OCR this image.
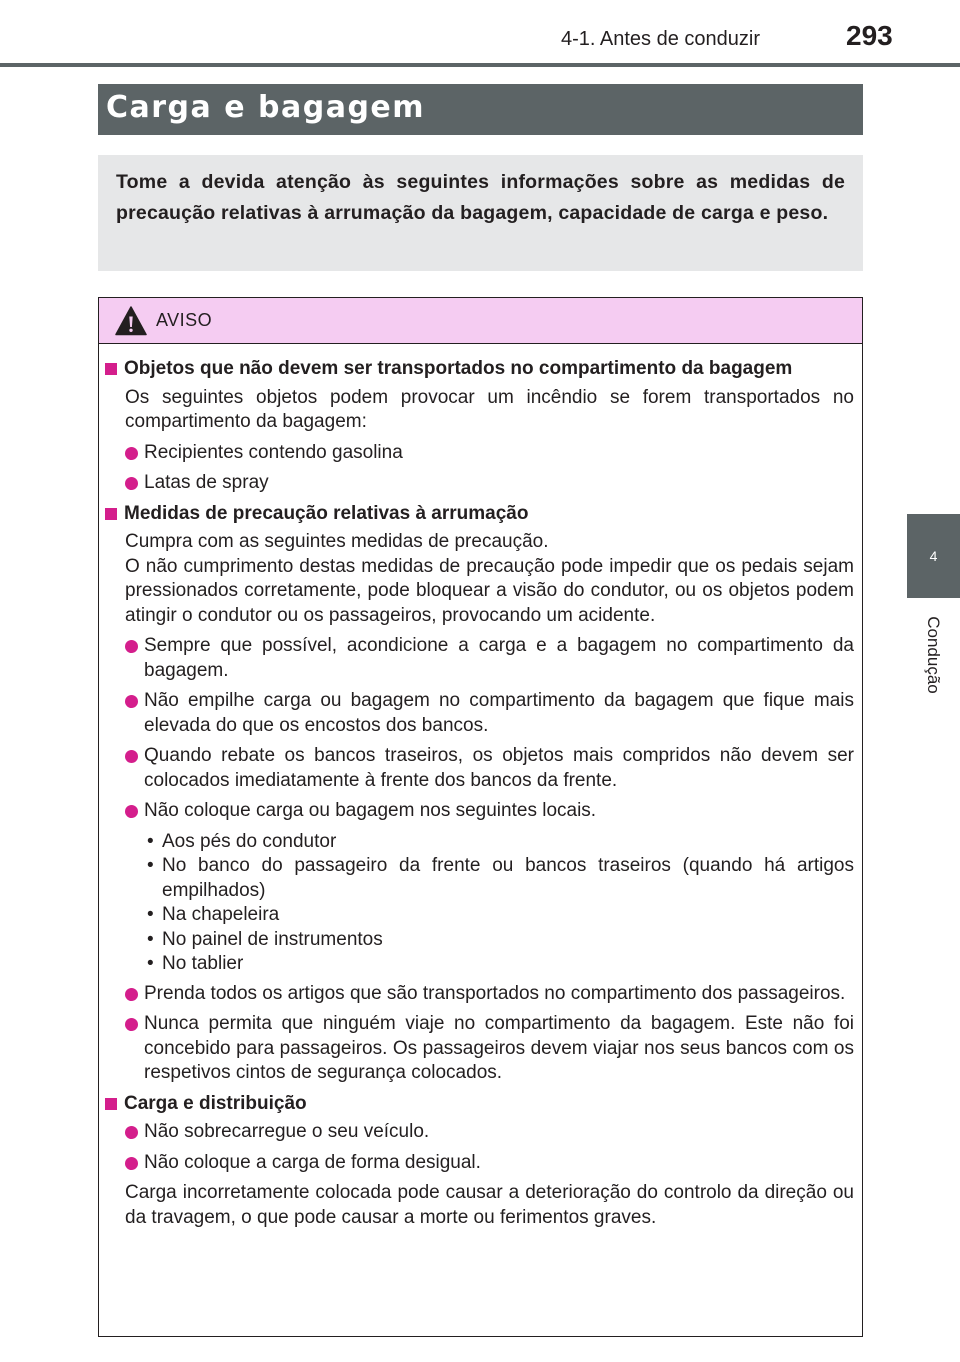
4-1. Antes de conduzir	293
4
Condução
Carga e bagagem

Tome a devida atenção às seguintes informações sobre as medidas de precaução relativas à arrumação da bagagem, capacidade de carga e peso.

AVISO
Objetos que não devem ser transportados no compartimento da bagagem
Os seguintes objetos podem provocar um incêndio se forem transportados no compartimento da bagagem:
Recipientes contendo gasolina
Latas de spray
Medidas de precaução relativas à arrumação
Cumpra com as seguintes medidas de precaução.
O não cumprimento destas medidas de precaução pode impedir que os pedais sejam pressionados corretamente, pode bloquear a visão do condutor, ou os objetos podem atingir o condutor ou os passageiros, provocando um acidente.
Sempre que possível, acondicione a carga e a bagagem no compartimento da bagagem.
Não empilhe carga ou bagagem no compartimento da bagagem que fique mais elevada do que os encostos dos bancos.
Quando rebate os bancos traseiros, os objetos mais compridos não devem ser colocados imediatamente à frente dos bancos da frente.
Não coloque carga ou bagagem nos seguintes locais.
• Aos pés do condutor
• No banco do passageiro da frente ou bancos traseiros (quando há artigos empilhados)
• Na chapeleira
• No painel de instrumentos
• No tablier
Prenda todos os artigos que são transportados no compartimento dos passageiros.
Nunca permita que ninguém viaje no compartimento da bagagem. Este não foi concebido para passageiros. Os passageiros devem viajar nos seus bancos com os respetivos cintos de segurança colocados.
Carga e distribuição
Não sobrecarregue o seu veículo.
Não coloque a carga de forma desigual.
Carga incorretamente colocada pode causar a deterioração do controlo da direção ou da travagem, o que pode causar a morte ou ferimentos graves.
